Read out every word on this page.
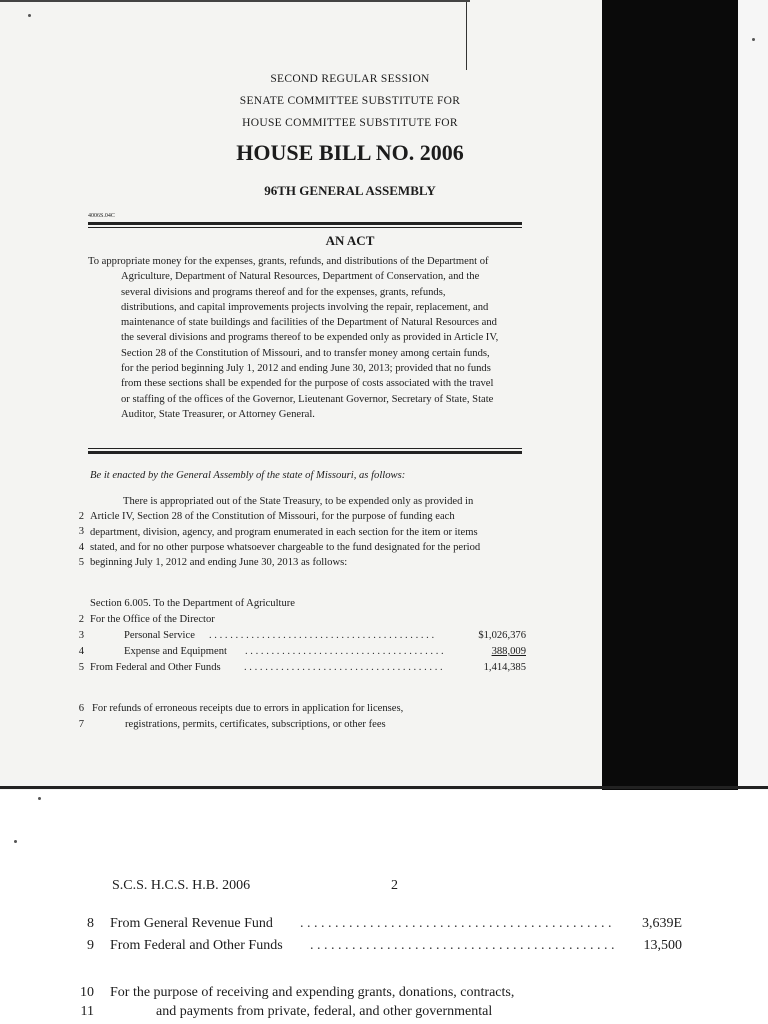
SECOND REGULAR SESSION
SENATE COMMITTEE SUBSTITUTE FOR
HOUSE COMMITTEE SUBSTITUTE FOR
HOUSE BILL NO. 2006
96TH GENERAL ASSEMBLY
4006S.04C
AN ACT
To appropriate money for the expenses, grants, refunds, and distributions of the Department of
Agriculture, Department of Natural Resources, Department of Conservation, and the
several divisions and programs thereof and for the expenses, grants, refunds,
distributions, and capital improvements projects involving the repair, replacement, and
maintenance of state buildings and facilities of the Department of Natural Resources and
the several divisions and programs thereof to be expended only as provided in Article IV,
Section 28 of the Constitution of Missouri, and to transfer money among certain funds,
for the period beginning July 1, 2012 and ending June 30, 2013; provided that no funds
from these sections shall be expended for the purpose of costs associated with the travel
or staffing of the offices of the Governor, Lieutenant Governor, Secretary of State, State
Auditor, State Treasurer, or Attorney General.
Be it enacted by the General Assembly of the state of Missouri, as follows:
There is appropriated out of the State Treasury, to be expended only as provided in
Article IV, Section 28 of the Constitution of Missouri, for the purpose of funding each
department, division, agency, and program enumerated in each section for the item or items
stated, and for no other purpose whatsoever chargeable to the fund designated for the period
beginning July 1, 2012 and ending June 30, 2013 as follows:
2
3
4
5
Section 6.005. To the Department of Agriculture
2 For the Office of the Director
3	Personal Service . . . . . . . . . . . . . . . . . . . . . . . . . . . . . . . . . . . . . . . . . . .	$1,026,376
4	Expense and Equipment . . . . . . . . . . . . . . . . . . . . . . . . . . . . . . . . . . . . . .	388,009
5 From Federal and Other Funds . . . . . . . . . . . . . . . . . . . . . . . . . . . . . . . . . . . . . .	1,414,385
6 For refunds of erroneous receipts due to errors in application for licenses,
7	registrations, permits, certificates, subscriptions, or other fees
S.C.S. H.C.S. H.B. 2006	2
8 From General Revenue Fund . . . . . . . . . . . . . . . . . . . . . . . . . . . . . . . . . . . . . . . . . . . . .	3,639E
9 From Federal and Other Funds . . . . . . . . . . . . . . . . . . . . . . . . . . . . . . . . . . . . . . . . . . . .	13,500
10 For the purpose of receiving and expending grants, donations, contracts,
11	and payments from private, federal, and other governmental
